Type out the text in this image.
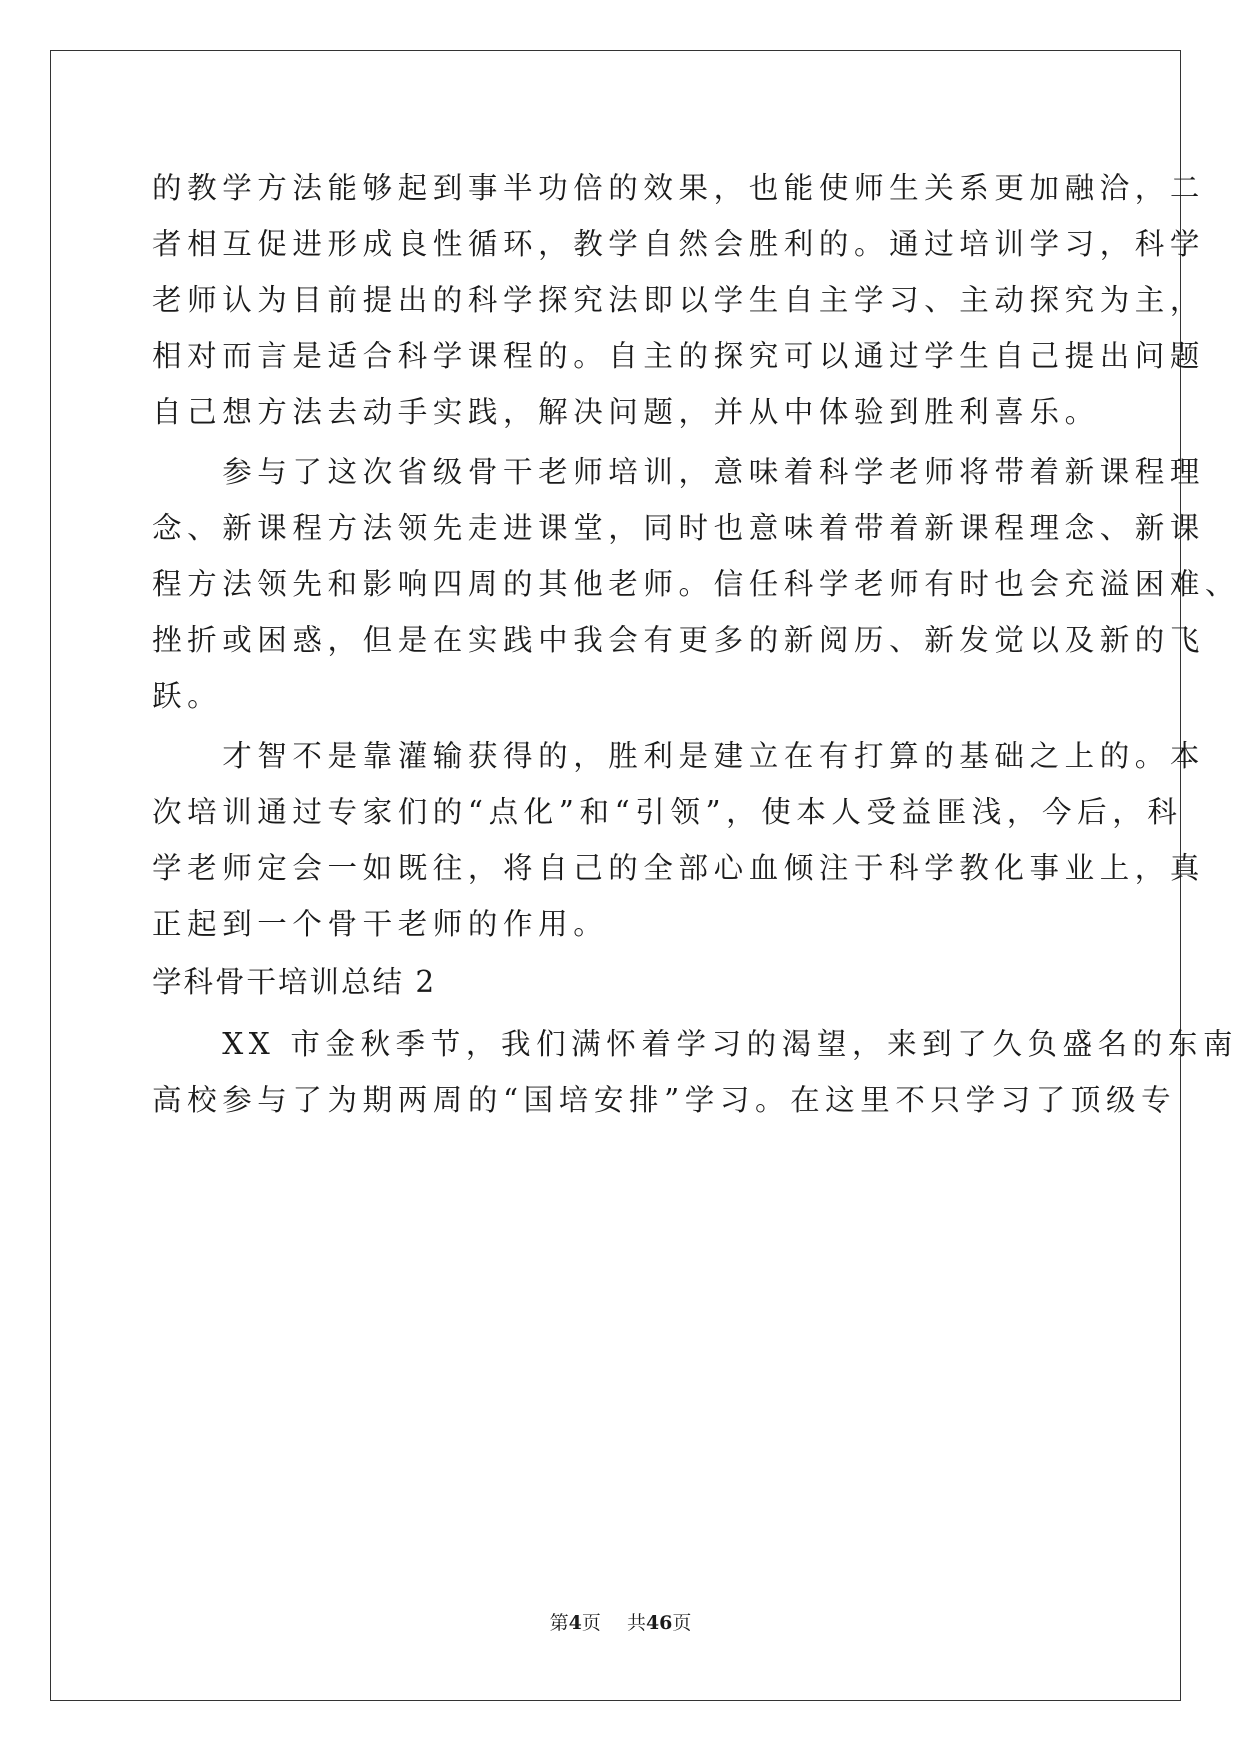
的教学方法能够起到事半功倍的效果，也能使师生关系更加融洽，二
者相互促进形成良性循环，教学自然会胜利的。通过培训学习，科学
老师认为目前提出的科学探究法即以学生自主学习、主动探究为主，
相对而言是适合科学课程的。自主的探究可以通过学生自己提出问题
自己想方法去动手实践，解决问题，并从中体验到胜利喜乐。
　　参与了这次省级骨干老师培训，意味着科学老师将带着新课程理
念、新课程方法领先走进课堂，同时也意味着带着新课程理念、新课
程方法领先和影响四周的其他老师。信任科学老师有时也会充溢困难、
挫折或困惑，但是在实践中我会有更多的新阅历、新发觉以及新的飞
跃。
　　才智不是靠灌输获得的，胜利是建立在有打算的基础之上的。本
次培训通过专家们的“点化”和“引领”，使本人受益匪浅，今后，科
学老师定会一如既往，将自己的全部心血倾注于科学教化事业上，真
正起到一个骨干老师的作用。
学科骨干培训总结 2
　　XX 市金秋季节，我们满怀着学习的渴望，来到了久负盛名的东南
高校参与了为期两周的“国培安排”学习。在这里不只学习了顶级专
第4页 共46页
